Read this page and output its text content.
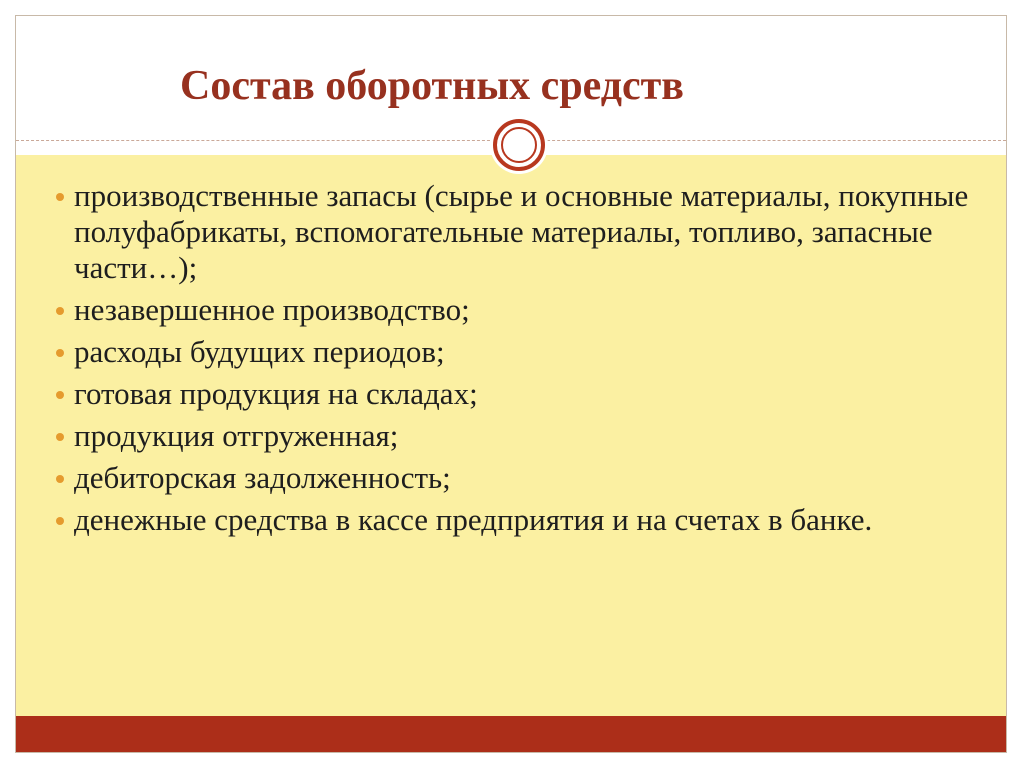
Состав оборотных средств
производственные запасы (сырье и основные материалы, покупные полуфабрикаты, вспомогательные материалы, топливо, запасные части…);
незавершенное производство;
расходы будущих периодов;
готовая продукция на складах;
продукция отгруженная;
дебиторская задолженность;
денежные средства в кассе предприятия и на счетах в банке.
